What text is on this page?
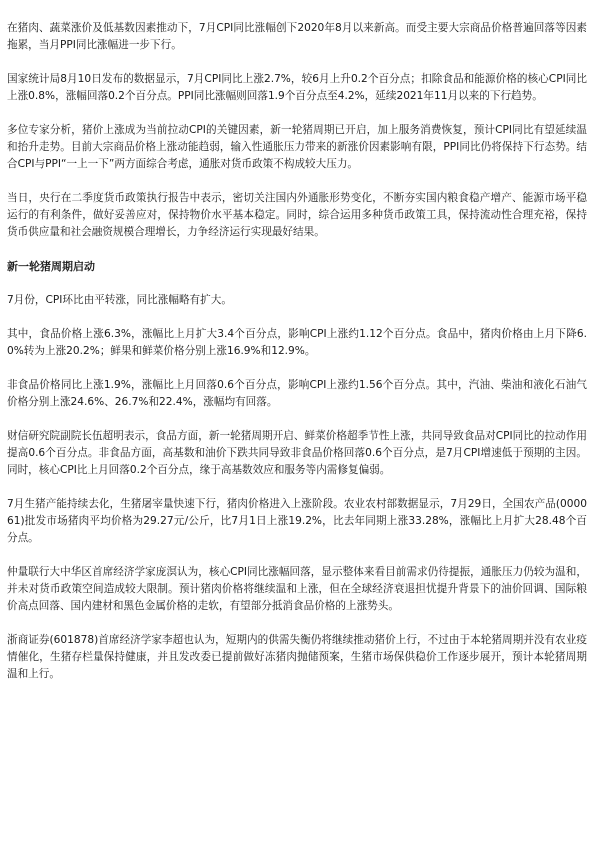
在猪肉、蔬菜涨价及低基数因素推动下，7月CPI同比涨幅创下2020年8月以来新高。而受主要大宗商品价格普遍回落等因素拖累，当月PPI同比涨幅进一步下行。

国家统计局8月10日发布的数据显示，7月CPI同比上涨2.7%，较6月上升0.2个百分点；扣除食品和能源价格的核心CPI同比上涨0.8%，涨幅回落0.2个百分点。PPI同比涨幅则回落1.9个百分点至4.2%，延续2021年11月以来的下行趋势。

多位专家分析，猪价上涨成为当前拉动CPI的关键因素，新一轮猪周期已开启，加上服务消费恢复，预计CPI同比有望延续温和抬升走势。目前大宗商品价格上涨动能趋弱，输入性通胀压力带来的新涨价因素影响有限，PPI同比仍将保持下行态势。结合CPI与PPI“一上一下”两方面综合考虑，通胀对货币政策不构成较大压力。

当日，央行在二季度货币政策执行报告中表示，密切关注国内外通胀形势变化，不断夯实国内粮食稳产增产、能源市场平稳运行的有利条件，做好妥善应对，保持物价水平基本稳定。同时，综合运用多种货币政策工具，保持流动性合理充裕，保持货币供应量和社会融资规模合理增长，力争经济运行实现最好结果。

新一轮猪周期启动

7月份，CPI环比由平转涨，同比涨幅略有扩大。

其中，食品价格上涨6.3%，涨幅比上月扩大3.4个百分点，影响CPI上涨约1.12个百分点。食品中，猪肉价格由上月下降6.0%转为上涨20.2%；鲜果和鲜菜价格分别上涨16.9%和12.9%。

非食品价格同比上涨1.9%，涨幅比上月回落0.6个百分点，影响CPI上涨约1.56个百分点。其中，汽油、柴油和液化石油气价格分别上涨24.6%、26.7%和22.4%，涨幅均有回落。

财信研究院副院长伍超明表示，食品方面，新一轮猪周期开启、鲜菜价格超季节性上涨，共同导致食品对CPI同比的拉动作用提高0.6个百分点。非食品方面，高基数和油价下跌共同导致非食品价格回落0.6个百分点，是7月CPI增速低于预期的主因。同时，核心CPI比上月回落0.2个百分点，缘于高基数效应和服务等内需修复偏弱。

7月生猪产能持续去化，生猪屠宰量快速下行，猪肉价格进入上涨阶段。农业农村部数据显示，7月29日，全国农产品(000061)批发市场猪肉平均价格为29.27元/公斤，比7月1日上涨19.2%，比去年同期上涨33.28%，涨幅比上月扩大28.48个百分点。

仲量联行大中华区首席经济学家庞溟认为，核心CPI同比涨幅回落，显示整体来看目前需求仍待提振，通胀压力仍较为温和，并未对货币政策空间造成较大限制。预计猪肉价格将继续温和上涨，但在全球经济衰退担忧提升背景下的油价回调、国际粮价高点回落、国内建材和黑色金属价格的走软，有望部分抵消食品价格的上涨势头。

浙商证券(601878)首席经济学家李超也认为，短期内的供需失衡仍将继续推动猪价上行，不过由于本轮猪周期并没有农业疫情催化，生猪存栏量保持健康，并且发改委已提前做好冻猪肉抛储预案，生猪市场保供稳价工作逐步展开，预计本轮猪周期温和上行。
